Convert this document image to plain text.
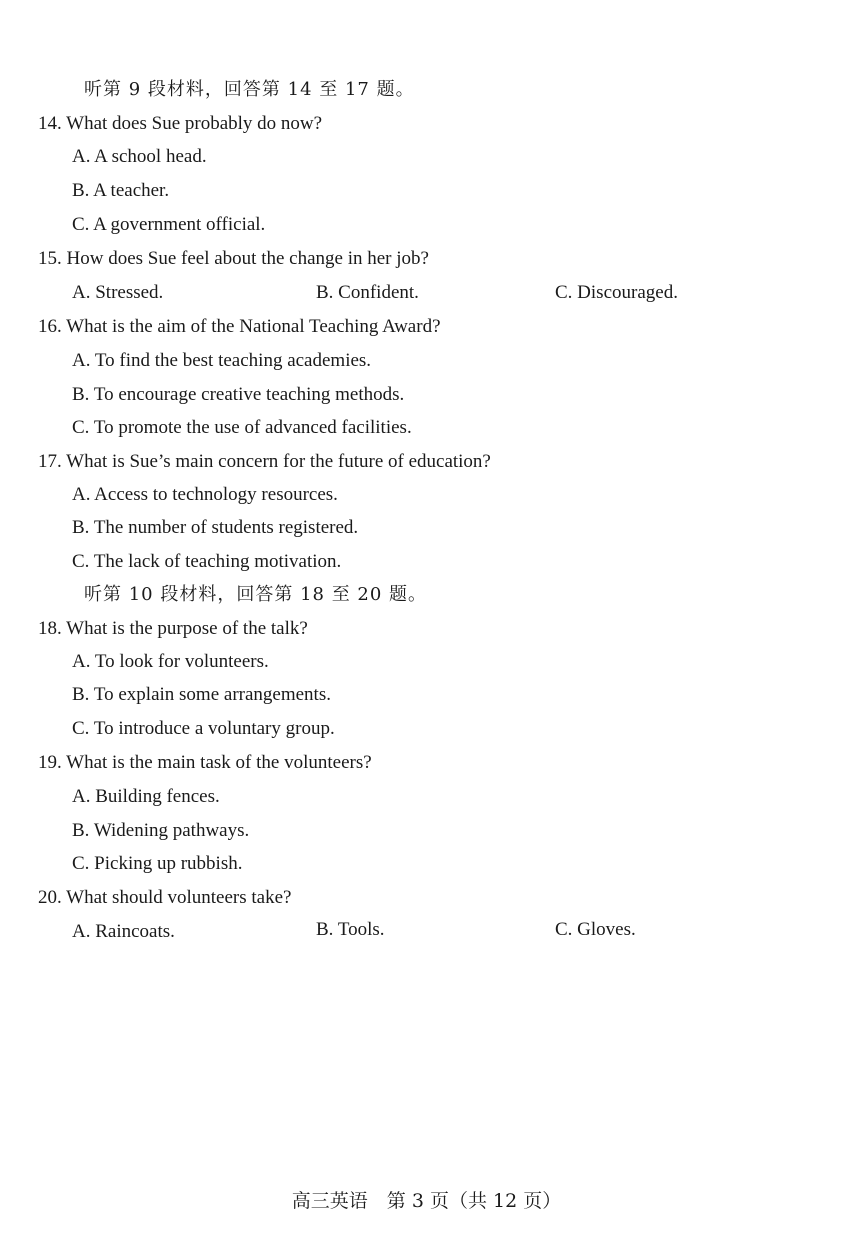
听第 9 段材料，回答第 14 至 17 题。
14. What does Sue probably do now?
A. A school head.
B. A teacher.
C. A government official.
15. How does Sue feel about the change in her job?
A. Stressed.	B. Confident.	C. Discouraged.
16. What is the aim of the National Teaching Award?
A. To find the best teaching academies.
B. To encourage creative teaching methods.
C. To promote the use of advanced facilities.
17. What is Sue’s main concern for the future of education?
A. Access to technology resources.
B. The number of students registered.
C. The lack of teaching motivation.
听第 10 段材料，回答第 18 至 20 题。
18. What is the purpose of the talk?
A. To look for volunteers.
B. To explain some arrangements.
C. To introduce a voluntary group.
19. What is the main task of the volunteers?
A. Building fences.
B. Widening pathways.
C. Picking up rubbish.
20. What should volunteers take?
A. Raincoats.	B. Tools.	C. Gloves.
高三英语　第 3 页（共 12 页）
